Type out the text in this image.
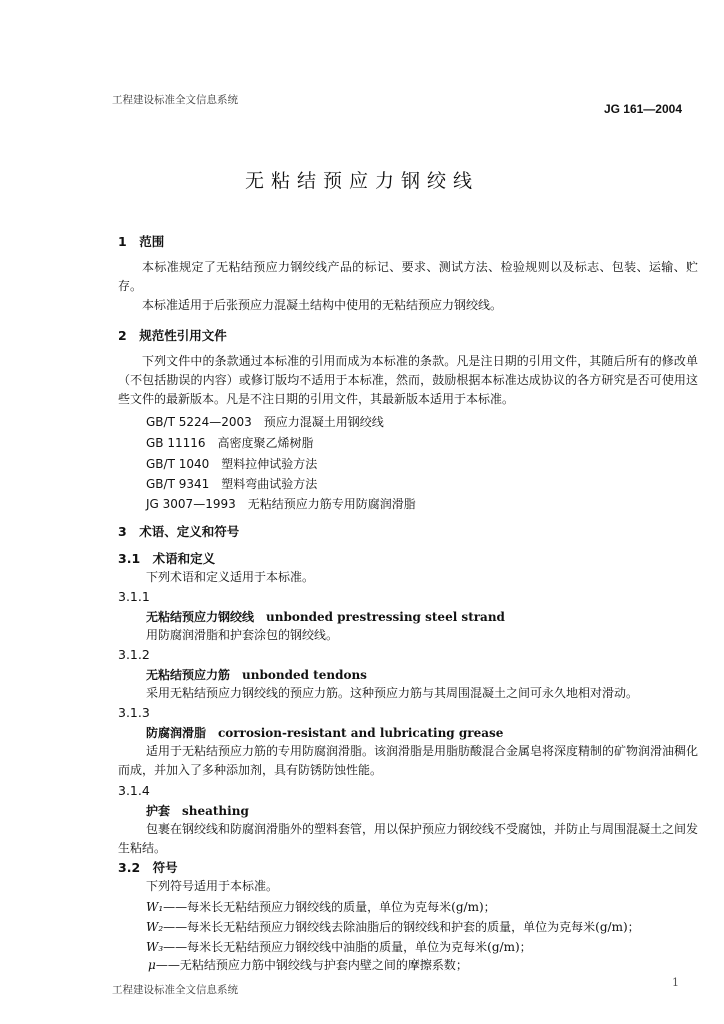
工程建设标准全文信息系统
JG 161—2004
无粘结预应力钢绞线
1　范围
本标准规定了无粘结预应力钢绞线产品的标记、要求、测试方法、检验规则以及标志、包装、运输、贮存。
本标准适用于后张预应力混凝土结构中使用的无粘结预应力钢绞线。
2　规范性引用文件
下列文件中的条款通过本标准的引用而成为本标准的条款。凡是注日期的引用文件，其随后所有的修改单（不包括勘误的内容）或修订版均不适用于本标准，然而，鼓励根据本标准达成协议的各方研究是否可使用这些文件的最新版本。凡是不注日期的引用文件，其最新版本适用于本标准。
GB/T 5224—2003　预应力混凝土用钢绞线
GB 11116　高密度聚乙烯树脂
GB/T 1040　塑料拉伸试验方法
GB/T 9341　塑料弯曲试验方法
JG 3007—1993　无粘结预应力筋专用防腐润滑脂
3　术语、定义和符号
3.1　术语和定义
下列术语和定义适用于本标准。
3.1.1
无粘结预应力钢绞线　unbonded prestressing steel strand
用防腐润滑脂和护套涂包的钢绞线。
3.1.2
无粘结预应力筋　unbonded tendons
采用无粘结预应力钢绞线的预应力筋。这种预应力筋与其周围混凝土之间可永久地相对滑动。
3.1.3
防腐润滑脂　corrosion-resistant and lubricating grease
适用于无粘结预应力筋的专用防腐润滑脂。该润滑脂是用脂肪酸混合金属皂将深度精制的矿物润滑油稠化而成，并加入了多种添加剂，具有防锈防蚀性能。
3.1.4
护套　sheathing
包裹在钢绞线和防腐润滑脂外的塑料套管，用以保护预应力钢绞线不受腐蚀，并防止与周围混凝土之间发生粘结。
3.2　符号
下列符号适用于本标准。
W₁——每米长无粘结预应力钢绞线的质量，单位为克每米(g/m)；
W₂——每米长无粘结预应力钢绞线去除油脂后的钢绞线和护套的质量，单位为克每米(g/m)；
W₃——每米长无粘结预应力钢绞线中油脂的质量，单位为克每米(g/m)；
μ——无粘结预应力筋中钢绞线与护套内壁之间的摩擦系数；
工程建设标准全文信息系统
1
